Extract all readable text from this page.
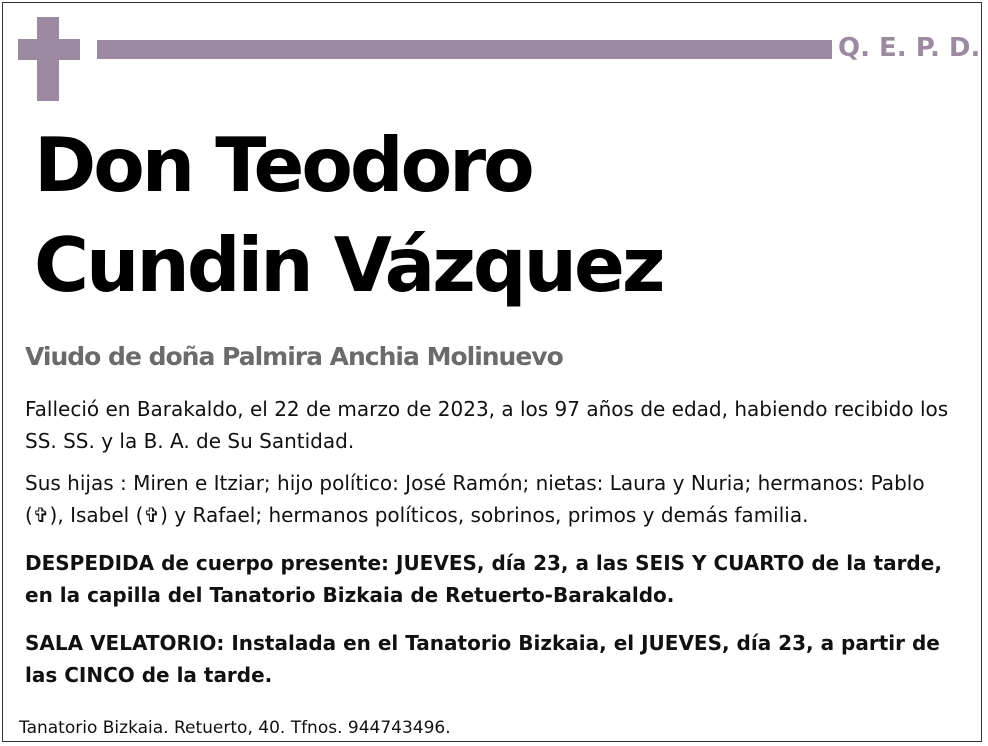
Q. E. P. D.
Don Teodoro
Cundin Vázquez
Viudo de doña Palmira Anchia Molinuevo

Falleció en Barakaldo, el 22 de marzo de 2023, a los 97 años de edad, habiendo recibido los SS. SS. y la B. A. de Su Santidad.

Sus hijas : Miren e Itziar; hijo político: José Ramón; nietas: Laura y Nuria; hermanos: Pablo (✞), Isabel (✞) y Rafael; hermanos políticos, sobrinos, primos y demás familia.

DESPEDIDA de cuerpo presente: JUEVES, día 23, a las SEIS Y CUARTO de la tarde, en la capilla del Tanatorio Bizkaia de Retuerto-Barakaldo.

SALA VELATORIO: Instalada en el Tanatorio Bizkaia, el JUEVES, día 23, a partir de las CINCO de la tarde.

Tanatorio Bizkaia. Retuerto, 40. Tfnos. 944743496.
